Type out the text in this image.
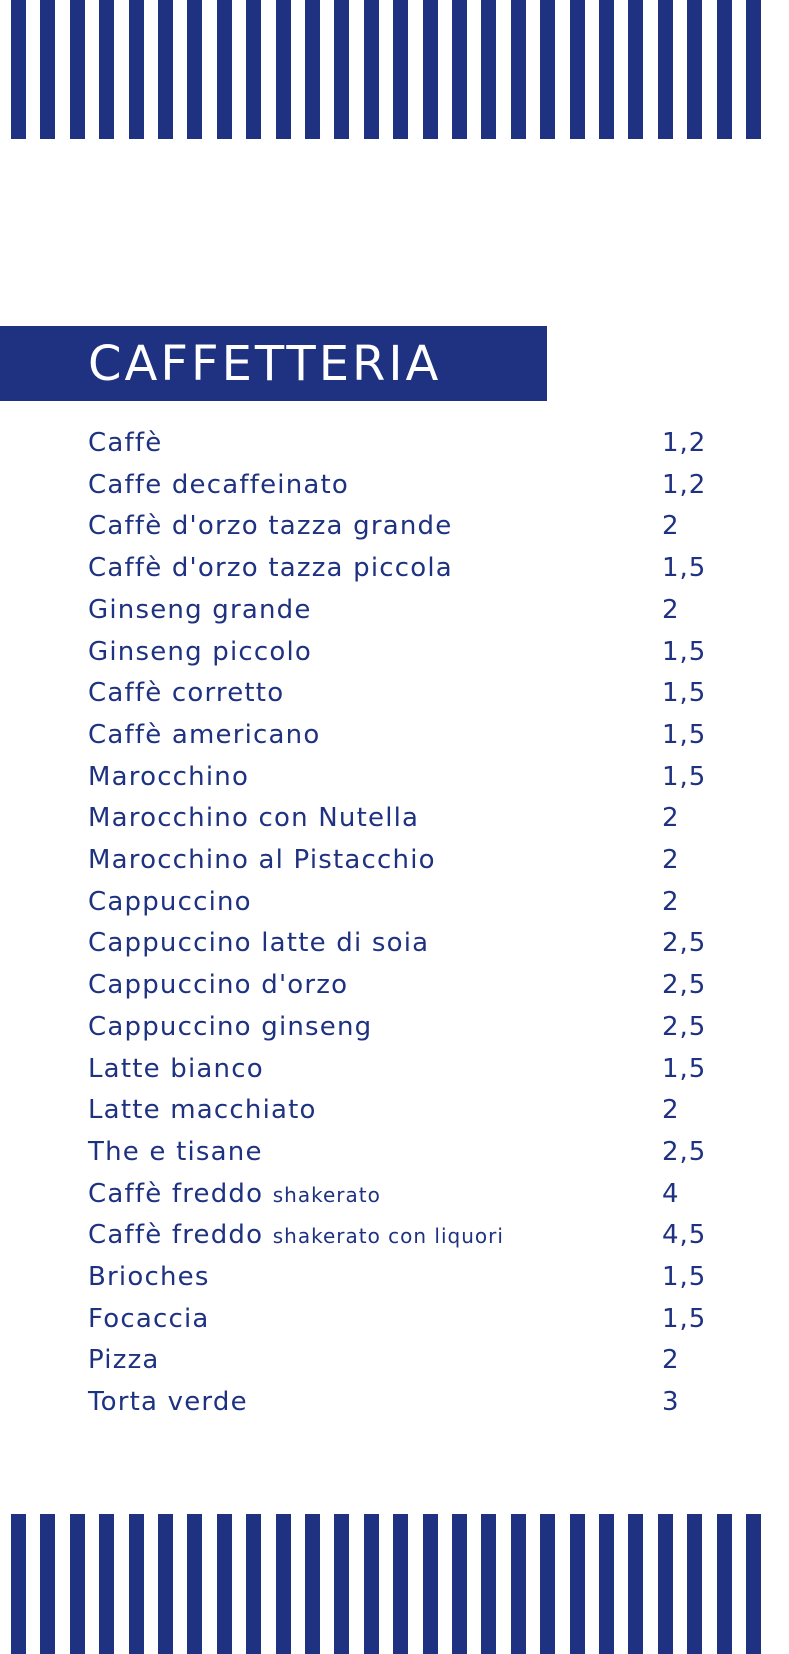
CAFFETTERIA
Caffè	1,2
Caffe decaffeinato	1,2
Caffè d'orzo tazza grande	2
Caffè d'orzo tazza piccola	1,5
Ginseng grande	2
Ginseng piccolo	1,5
Caffè corretto	1,5
Caffè americano	1,5
Marocchino	1,5
Marocchino con Nutella	2
Marocchino al Pistacchio	2
Cappuccino	2
Cappuccino latte di soia	2,5
Cappuccino d'orzo	2,5
Cappuccino ginseng	2,5
Latte bianco	1,5
Latte macchiato	2
The e tisane	2,5
Caffè freddo shakerato	4
Caffè freddo shakerato con liquori	4,5
Brioches	1,5
Focaccia	1,5
Pizza	2
Torta verde	3
